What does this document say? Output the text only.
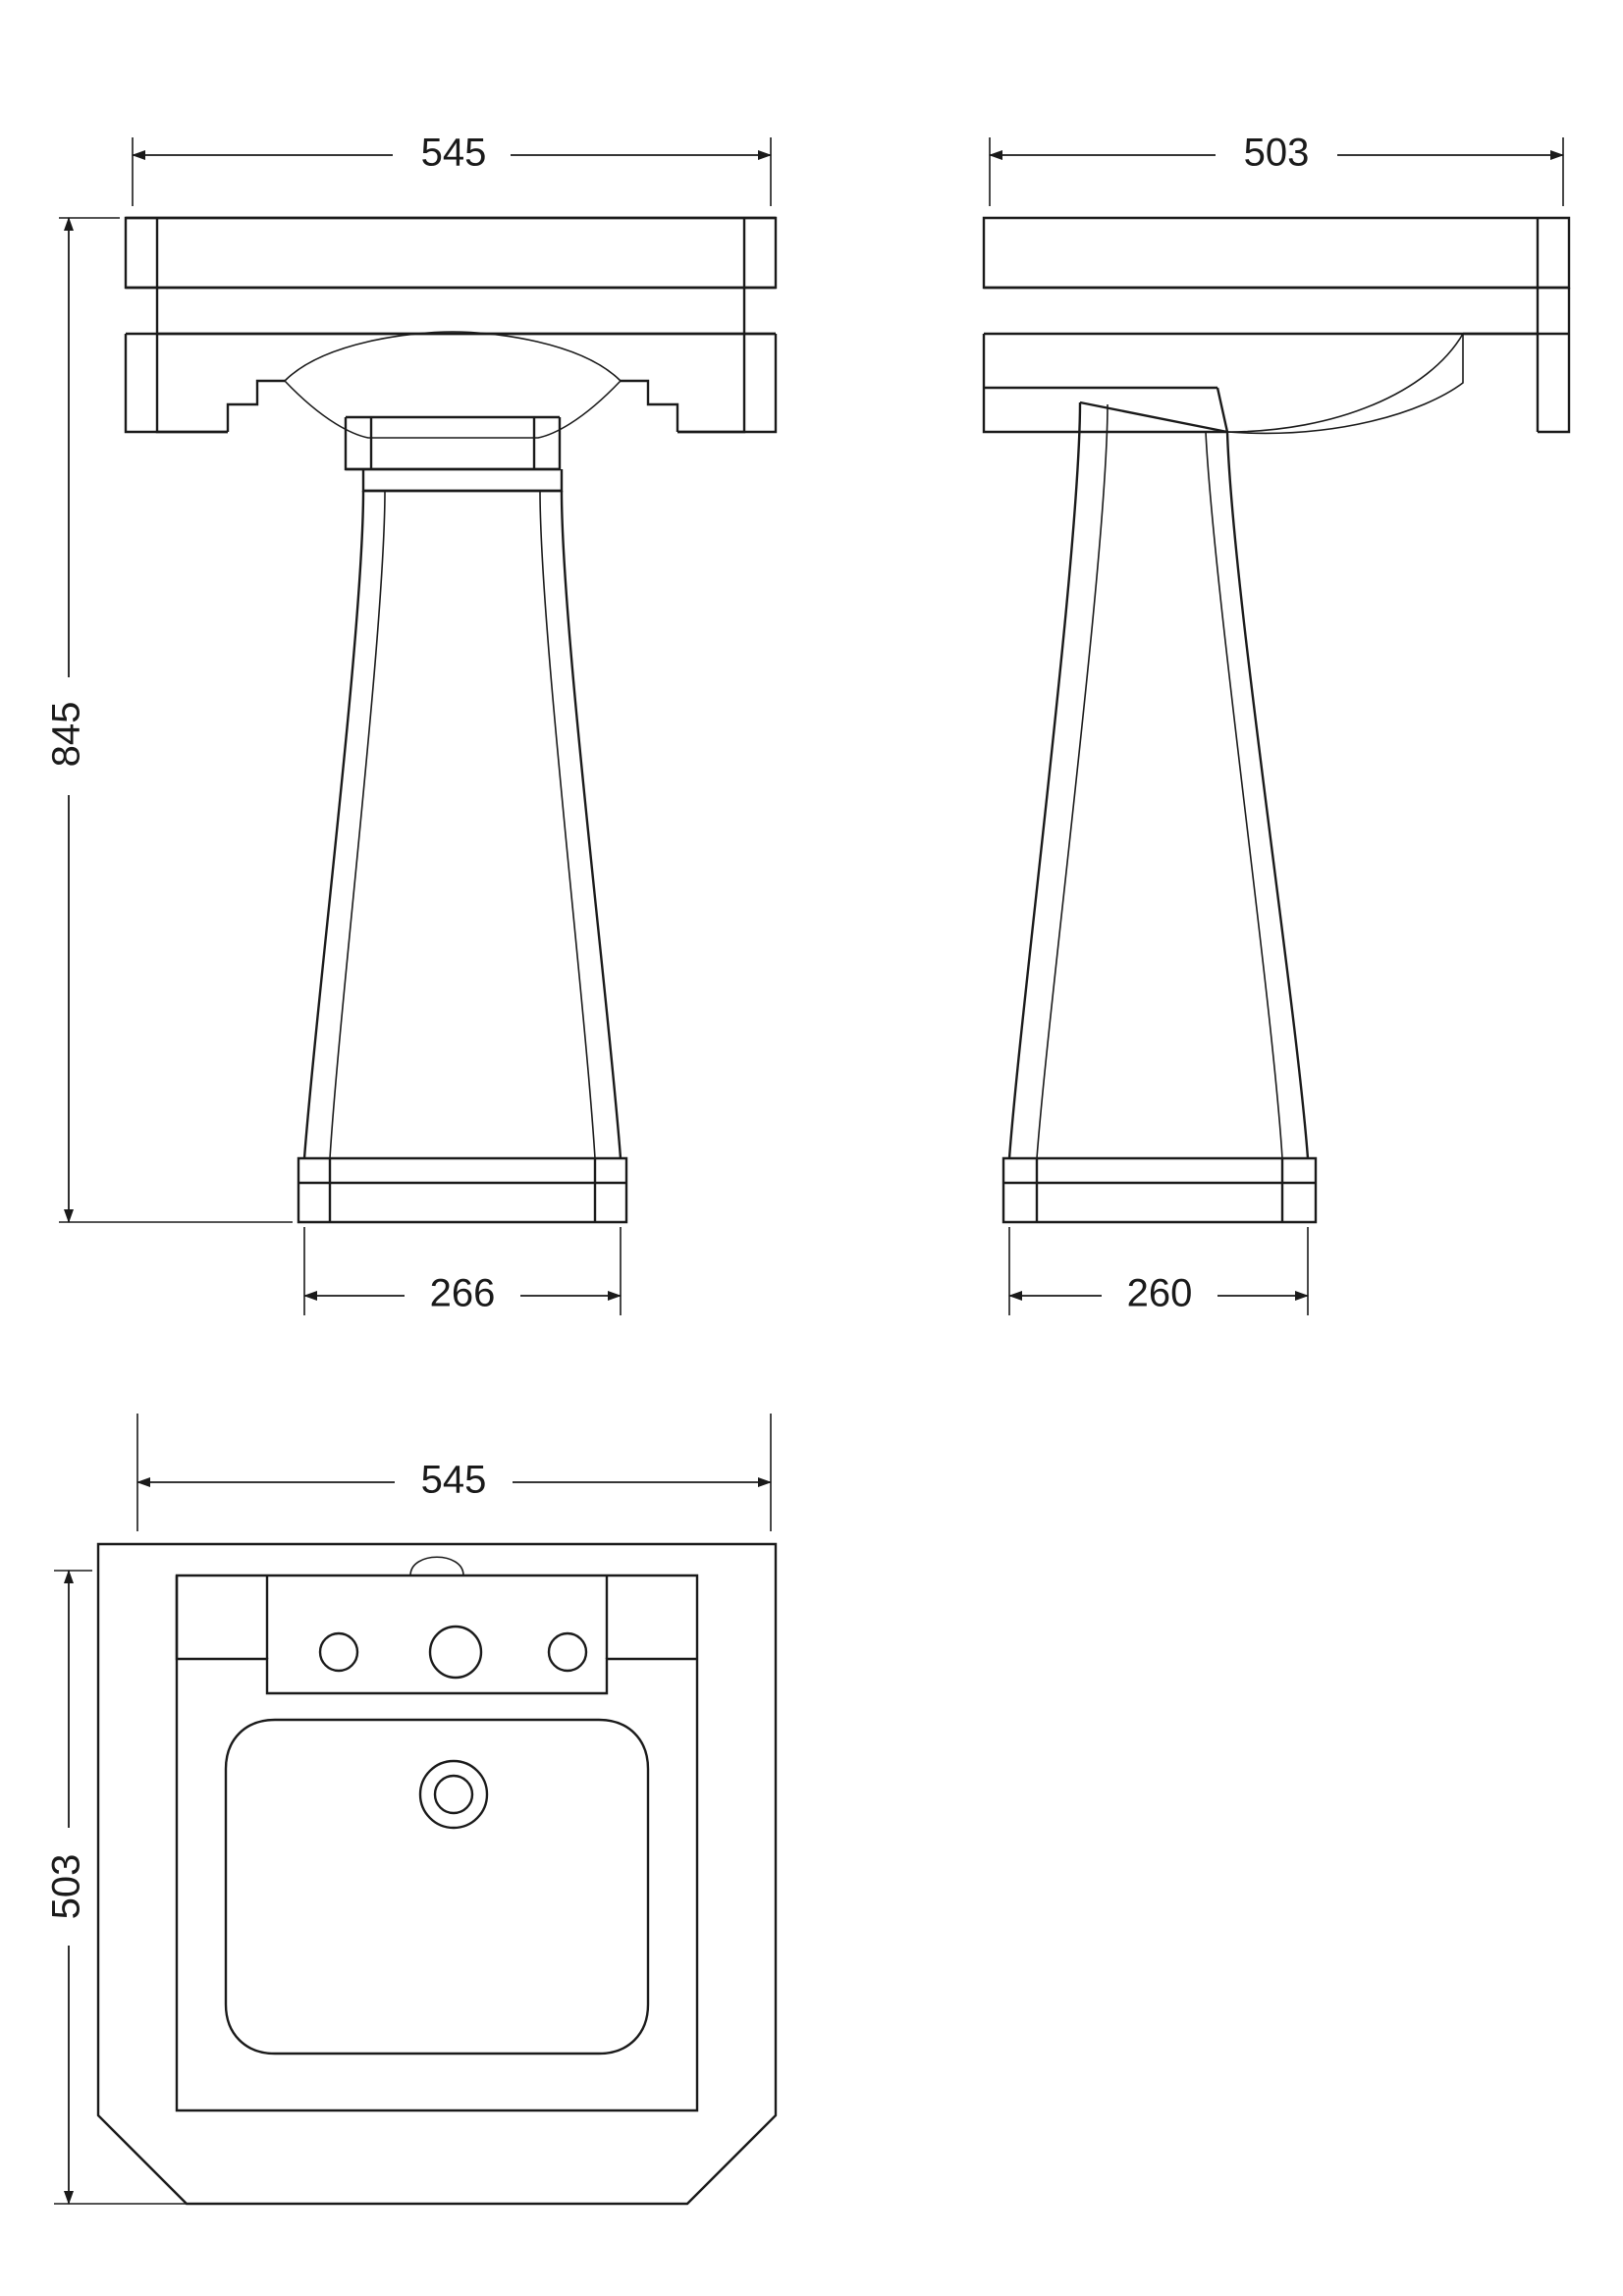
545
845
266
503
260
545
503
